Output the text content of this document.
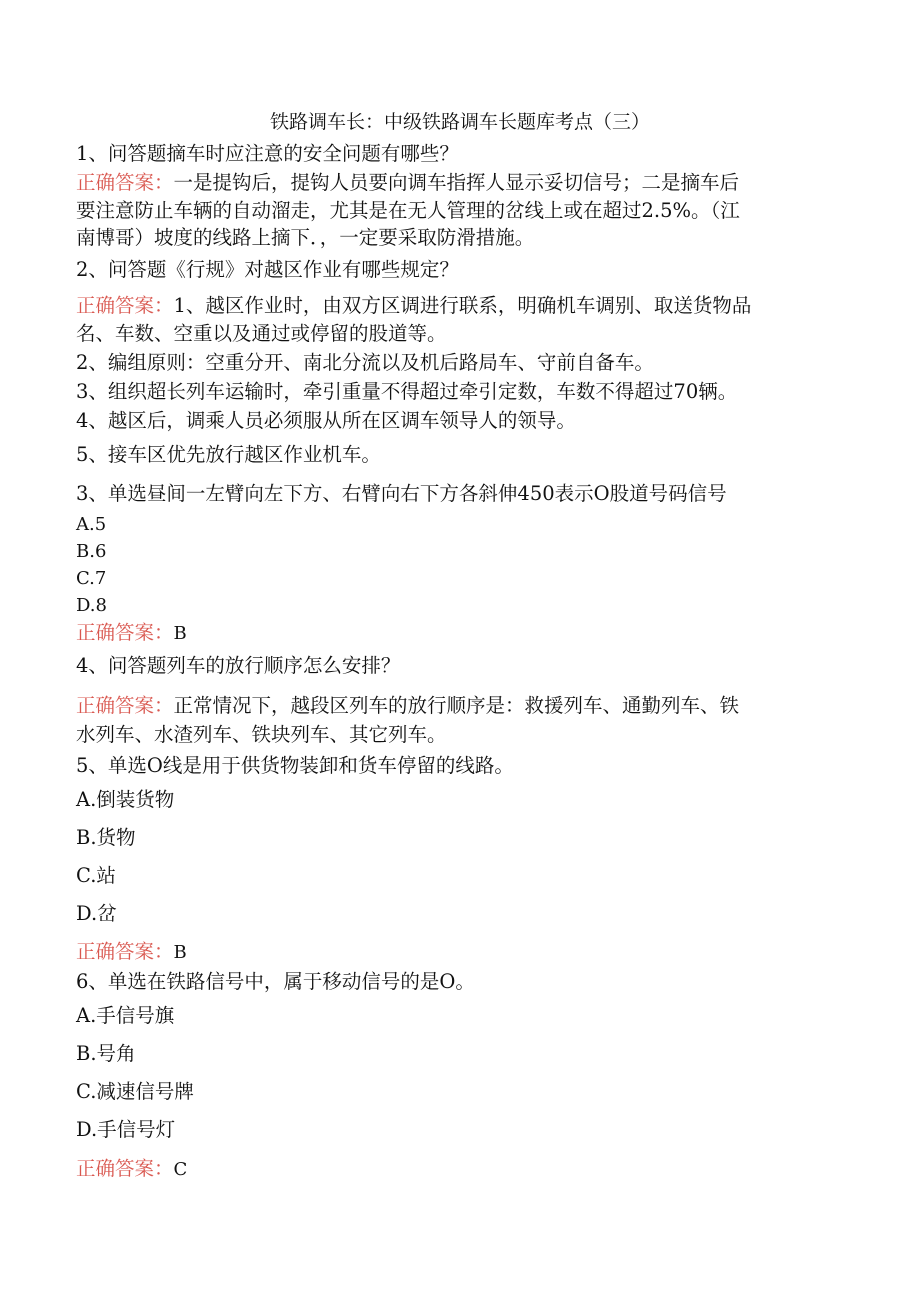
铁路调车长：中级铁路调车长题库考点（三）
1、问答题摘车时应注意的安全问题有哪些？
正确答案：一是提钩后，提钩人员要向调车指挥人显示妥切信号；二是摘车后
要注意防止车辆的自动溜走，尤其是在无人管理的岔线上或在超过2.5%。（江
南博哥）坡度的线路上摘下．，一定要采取防滑措施。
2、问答题《行规》对越区作业有哪些规定？
正确答案：1、越区作业时，由双方区调进行联系，明确机车调别、取送货物品
名、车数、空重以及通过或停留的股道等。
2、编组原则：空重分开、南北分流以及机后路局车、守前自备车。
3、组织超长列车运输时，牵引重量不得超过牵引定数，车数不得超过70辆。
4、越区后，调乘人员必须服从所在区调车领导人的领导。
5、接车区优先放行越区作业机车。
3、单选昼间一左臂向左下方、右臂向右下方各斜伸450表示O股道号码信号
A.5
B.6
C.7
D.8
正确答案：B
4、问答题列车的放行顺序怎么安排？
正确答案：正常情况下，越段区列车的放行顺序是：救援列车、通勤列车、铁
水列车、水渣列车、铁块列车、其它列车。
5、单选O线是用于供货物装卸和货车停留的线路。
A.倒装货物
B.货物
C.站
D.岔
正确答案：B
6、单选在铁路信号中，属于移动信号的是O。
A.手信号旗
B.号角
C.减速信号牌
D.手信号灯
正确答案：C
